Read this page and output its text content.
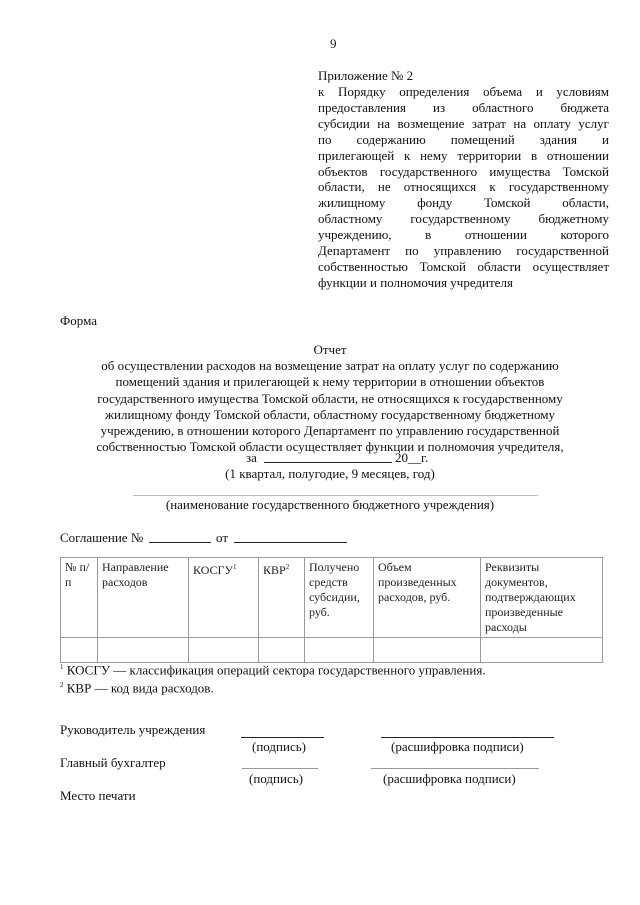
9
Приложение № 2
к Порядку определения объема и условиям
предоставления из областного бюджета
субсидии на возмещение затрат на оплату услуг
по содержанию помещений здания и
прилегающей к нему территории в отношении
объектов государственного имущества Томской
области, не относящихся к государственному
жилищному фонду Томской области,
областному государственному бюджетному
учреждению, в отношении которого
Департамент по управлению государственной
собственностью Томской области осуществляет
функции и полномочия учредителя
Форма
Отчет
об осуществлении расходов на возмещение затрат на оплату услуг по содержанию
помещений здания и прилегающей к нему территории в отношении объектов
государственного имущества Томской области, не относящихся к государственному
жилищному фонду Томской области, областному государственному бюджетному
учреждению, в отношении которого Департамент по управлению государственной
собственностью Томской области осуществляет функции и полномочия учредителя,
за	20__г.
(1 квартал, полугодие, 9 месяцев, год)
(наименование государственного бюджетного учреждения)
Соглашение №	от
№ п/п	Направление расходов	КОСГУ$^1$	КВР$^2$	Получено средств субсидии, руб.	Объем произведенных расходов, руб.	Реквизиты документов, подтверждающих произведенные расходы

$^1$ КОСГУ — классификация операций сектора государственного управления.
$^2$ КВР — код вида расходов.
Руководитель учреждения
(подпись)	(расшифровка подписи)
Главный бухгалтер
(подпись)	(расшифровка подписи)
Место печати
